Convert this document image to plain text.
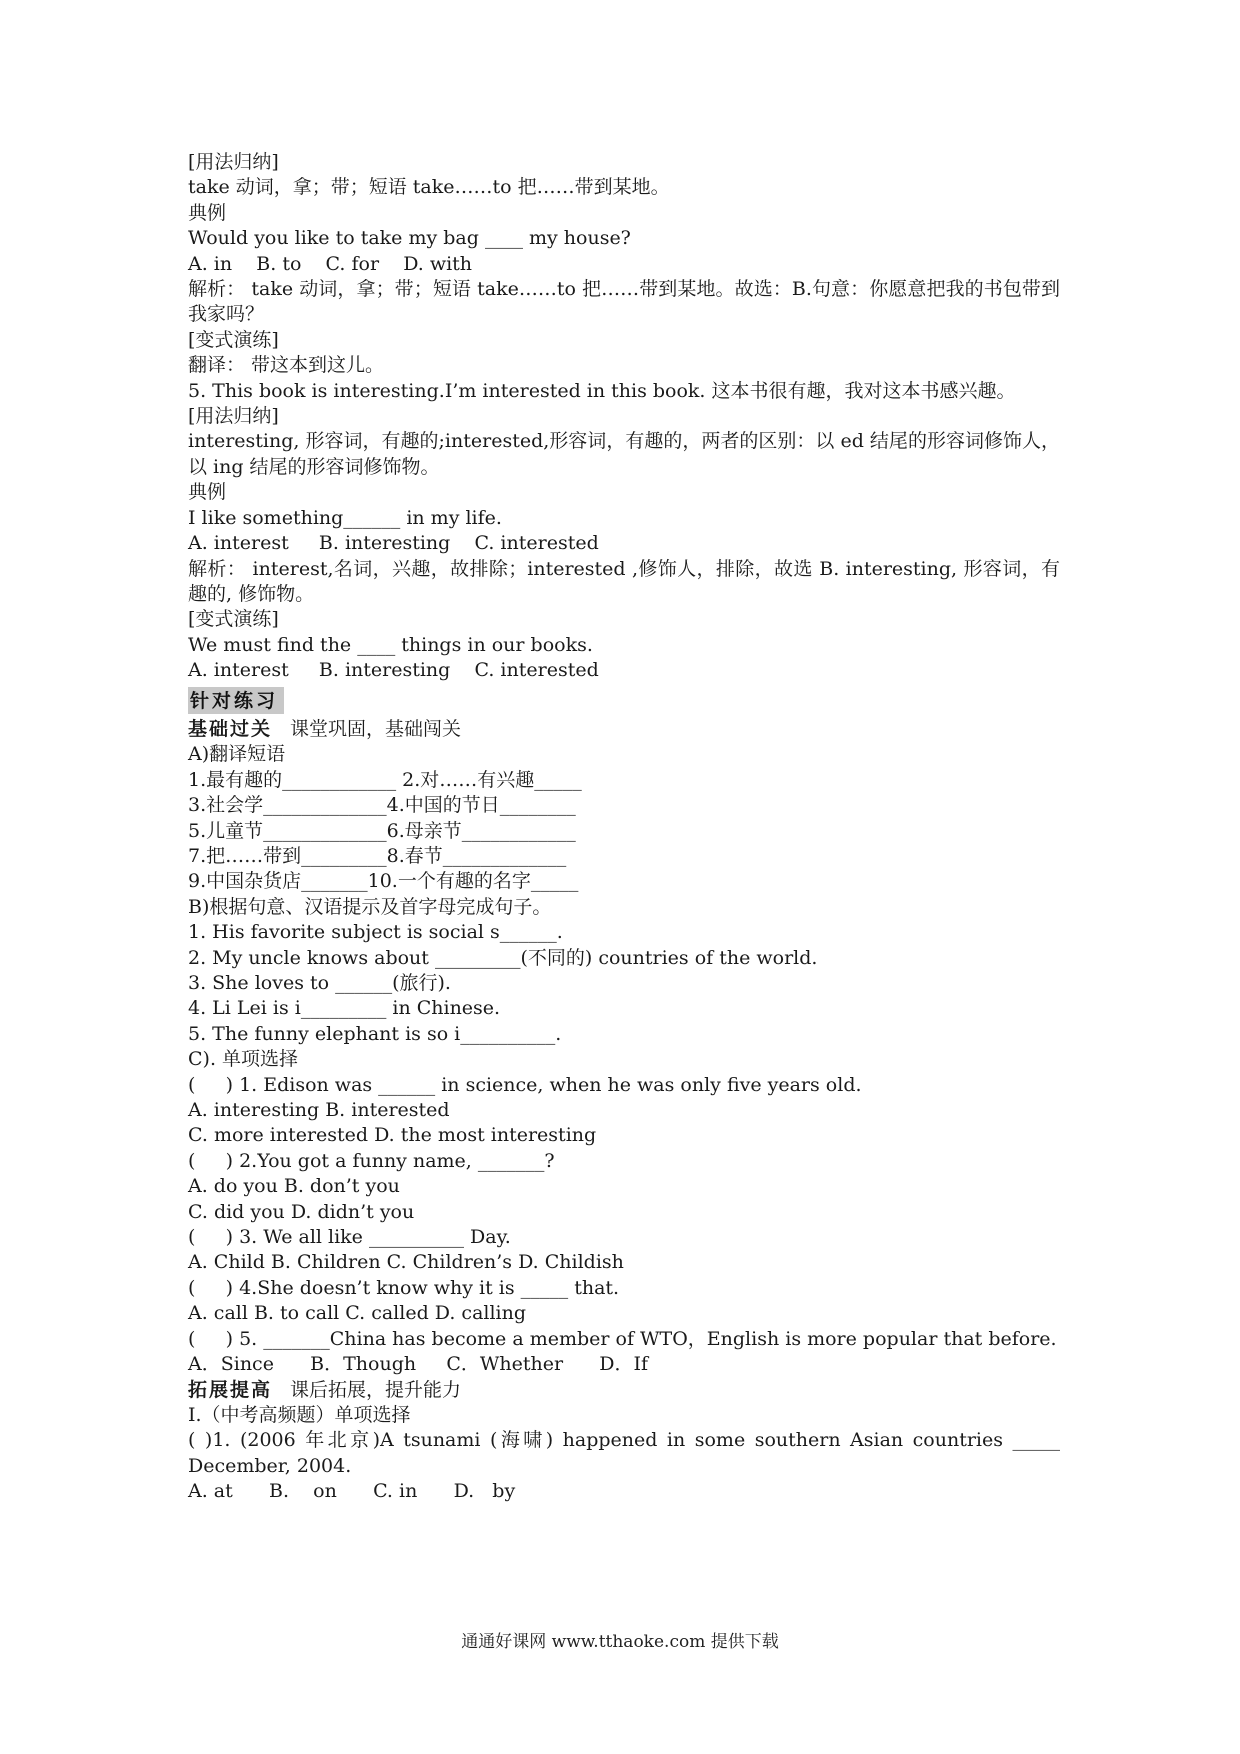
[用法归纳]
take 动词，拿；带；短语 take……to 把……带到某地。
典例
Would you like to take my bag ____ my house?
A. in    B. to    C. for    D. with
解析： take 动词，拿；带；短语 take……to 把……带到某地。故选：B.句意：你愿意把我的书包带到我家吗？
[变式演练]
翻译： 带这本到这儿。
5. This book is interesting.I’m interested in this book. 这本书很有趣，我对这本书感兴趣。
[用法归纳]
interesting, 形容词，有趣的;interested,形容词，有趣的，两者的区别：以 ed 结尾的形容词修饰人，以 ing 结尾的形容词修饰物。
典例
I like something______ in my life.
A. interest     B. interesting    C. interested
解析： interest,名词，兴趣，故排除；interested ,修饰人，排除，故选 B. interesting, 形容词，有趣的, 修饰物。
[变式演练]
We must find the ____ things in our books.
A. interest     B. interesting    C. interested
针对练习
基础过关 课堂巩固，基础闯关
A)翻译短语
1.最有趣的____________ 2.对……有兴趣_____
3.社会学_____________4.中国的节日________
5.儿童节_____________6.母亲节____________
7.把……带到_________8.春节_____________
9.中国杂货店_______10.一个有趣的名字_____
B)根据句意、汉语提示及首字母完成句子。
1. His favorite subject is social s______.
2. My uncle knows about _________(不同的) countries of the world.
3. She loves to ______(旅行).
4. Li Lei is i_________ in Chinese.
5. The funny elephant is so i__________.
C). 单项选择
(     ) 1. Edison was ______ in science, when he was only five years old.
A. interesting B. interested
C. more interested D. the most interesting
(     ) 2.You got a funny name, _______?
A. do you B. don’t you
C. did you D. didn’t you
(     ) 3. We all like __________ Day.
A. Child B. Children C. Children’s D. Childish
(     ) 4.She doesn’t know why it is _____ that.
A. call B. to call C. called D. calling
(     ) 5. _______China has become a member of WTO，English is more popular that before.
A．Since      B．Though     C．Whether      D．If
拓展提高 课后拓展，提升能力
I.（中考高频题）单项选择
( )1. (2006 年北京)A tsunami (海啸) happened in some southern Asian countries _____ December, 2004.
A. at      B.    on      C. in      D.   by
通通好课网 www.tthaoke.com 提供下载
